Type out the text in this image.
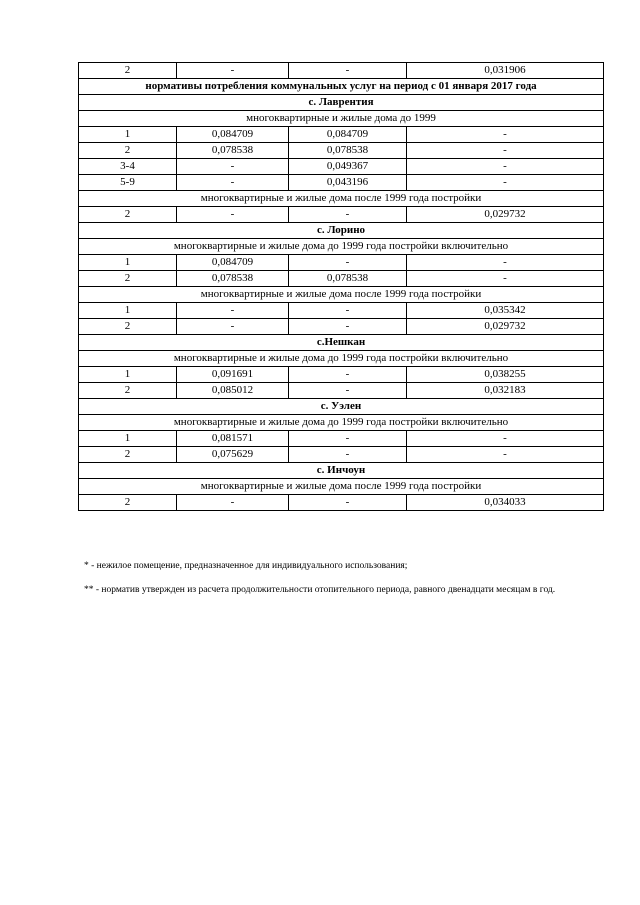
2	-	-	0,031906
нормативы потребления коммунальных услуг на период с 01 января 2017 года			
с. Лаврентия			
многоквартирные и жилые дома до 1999			
1	0,084709	0,084709	-
2	0,078538	0,078538	-
3-4	-	0,049367	-
5-9	-	0,043196	-
многоквартирные и жилые дома после 1999 года постройки			
2	-	-	0,029732
с. Лорино			
многоквартирные и жилые дома до 1999 года постройки включительно			
1	0,084709	-	-
2	0,078538	0,078538	-
многоквартирные и жилые дома после 1999 года постройки			
1	-	-	0,035342
2	-	-	0,029732
с.Нешкан			
многоквартирные и жилые дома до 1999 года постройки включительно			
1	0,091691	-	0,038255
2	0,085012	-	0,032183
с. Уэлен			
многоквартирные и жилые дома до 1999 года постройки включительно			
1	0,081571	-	-
2	0,075629	-	-
с. Инчоун			
многоквартирные и жилые дома после 1999 года постройки			
2	-	-	0,034033

* - нежилое помещение, предназначенное для индивидуального использования;

** - норматив утвержден из расчета продолжительности отопительного периода, равного двенадцати месяцам в год.
